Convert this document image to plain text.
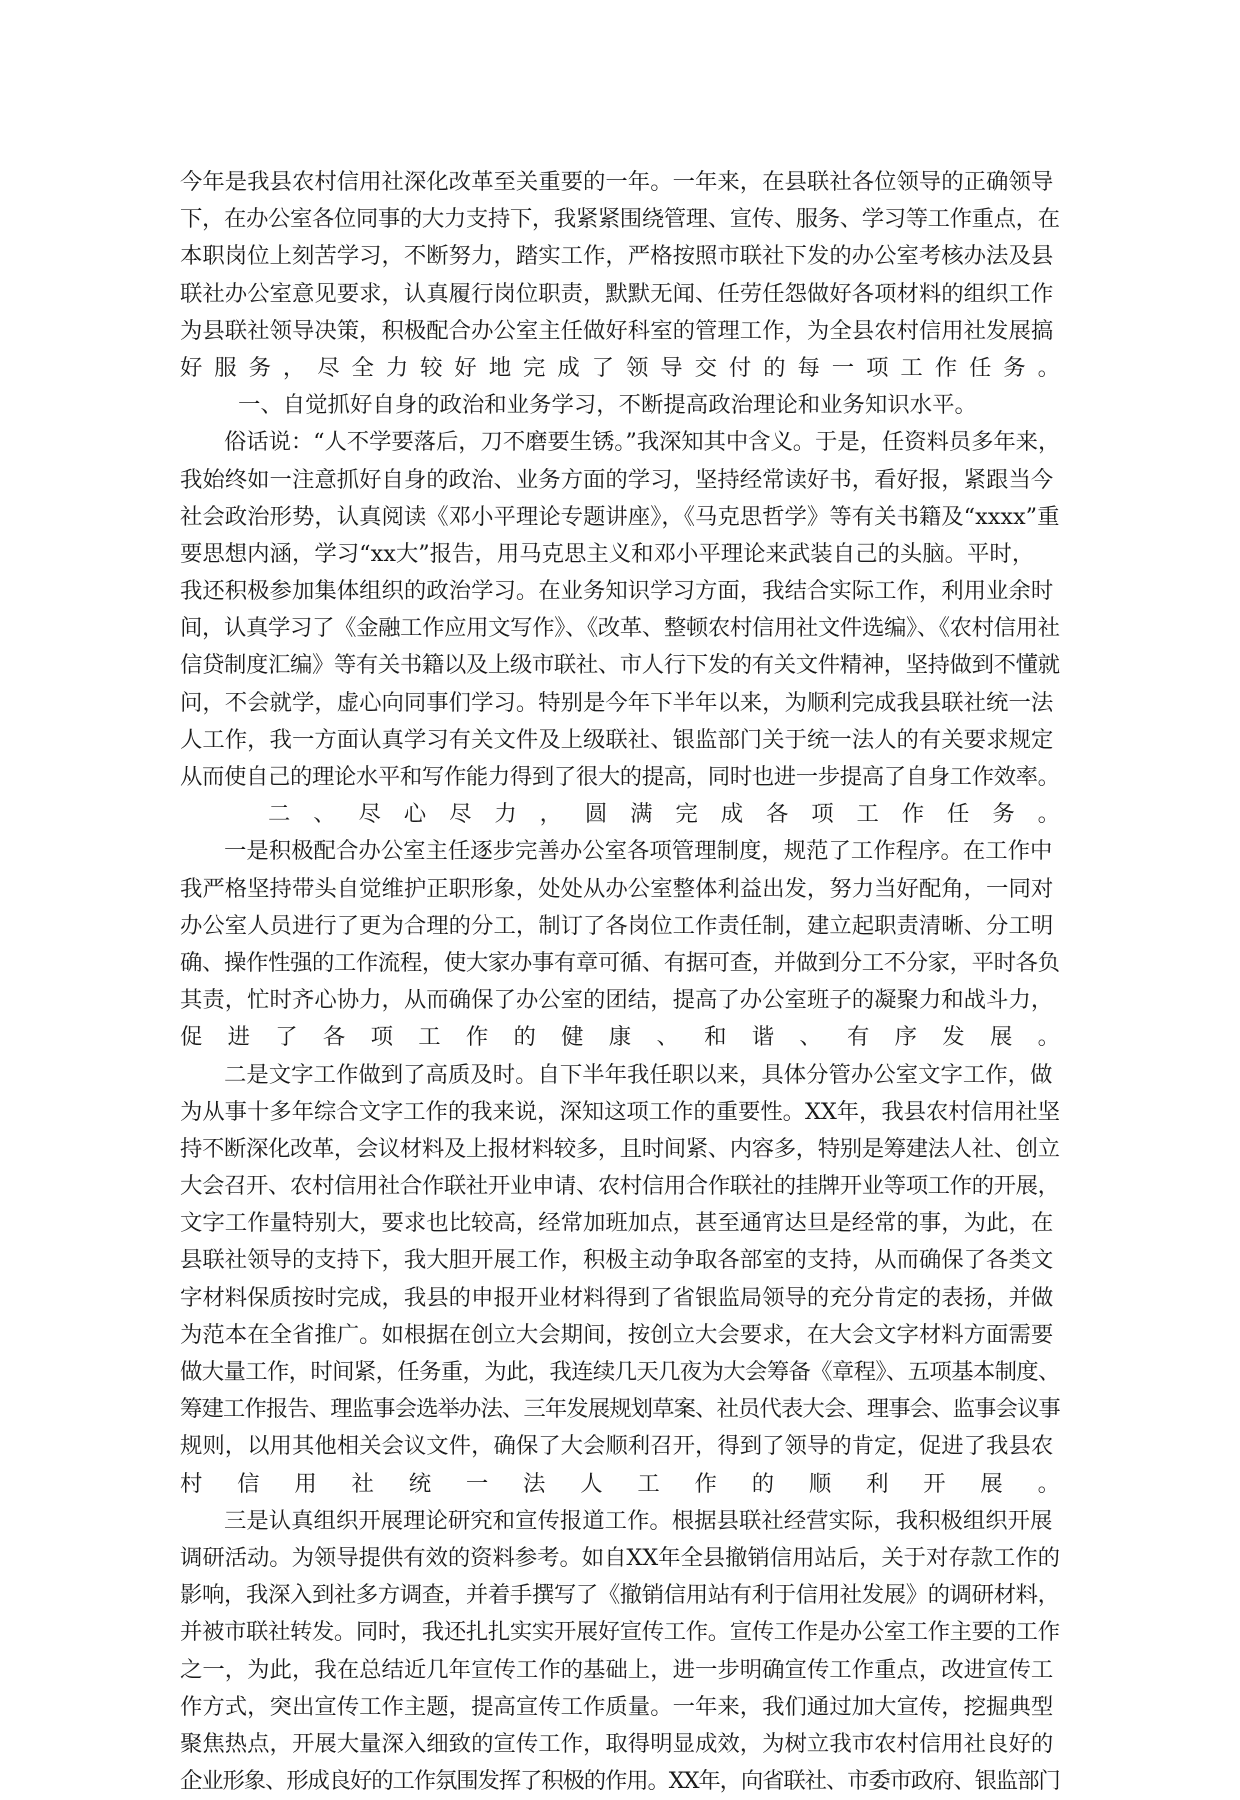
今年是我县农村信用社深化改革至关重要的一年。一年来，在县联社各位领导的正确领导
下，在办公室各位同事的大力支持下，我紧紧围绕管理、宣传、服务、学习等工作重点，在
本职岗位上刻苦学习，不断努力，踏实工作，严格按照市联社下发的办公室考核办法及县
联社办公室意见要求，认真履行岗位职责，默默无闻、任劳任怨做好各项材料的组织工作
为县联社领导决策，积极配合办公室主任做好科室的管理工作，为全县农村信用社发展搞
好 服 务 ， 尽 全 力 较 好 地 完 成 了 领 导 交 付 的 每 一 项 工 作 任 务 。
一、自觉抓好自身的政治和业务学习，不断提高政治理论和业务知识水平。
俗话说：“人不学要落后，刀不磨要生锈。”我深知其中含义。于是，任资料员多年来，
我始终如一注意抓好自身的政治、业务方面的学习，坚持经常读好书，看好报，紧跟当今
社会政治形势，认真阅读《邓小平理论专题讲座》，《马克思哲学》等有关书籍及“xxxx”重
要思想内涵，学习“xx大”报告，用马克思主义和邓小平理论来武装自己的头脑。平时，
我还积极参加集体组织的政治学习。在业务知识学习方面，我结合实际工作，利用业余时
间，认真学习了《金融工作应用文写作》、《改革、整顿农村信用社文件选编》、《农村信用社
信贷制度汇编》等有关书籍以及上级市联社、市人行下发的有关文件精神，坚持做到不懂就
问，不会就学，虚心向同事们学习。特别是今年下半年以来，为顺利完成我县联社统一法
人工作，我一方面认真学习有关文件及上级联社、银监部门关于统一法人的有关要求规定
从而使自己的理论水平和写作能力得到了很大的提高，同时也进一步提高了自身工作效率。
二 、 尽 心 尽 力 ， 圆 满 完 成 各 项 工 作 任 务 。
一是积极配合办公室主任逐步完善办公室各项管理制度，规范了工作程序。在工作中
我严格坚持带头自觉维护正职形象，处处从办公室整体利益出发，努力当好配角，一同对
办公室人员进行了更为合理的分工，制订了各岗位工作责任制，建立起职责清晰、分工明
确、操作性强的工作流程，使大家办事有章可循、有据可查，并做到分工不分家，平时各负
其责，忙时齐心协力，从而确保了办公室的团结，提高了办公室班子的凝聚力和战斗力，
促 进 了 各 项 工 作 的 健 康 、 和 谐 、 有 序 发 展 。
二是文字工作做到了高质及时。自下半年我任职以来，具体分管办公室文字工作，做
为从事十多年综合文字工作的我来说，深知这项工作的重要性。XX年，我县农村信用社坚
持不断深化改革，会议材料及上报材料较多，且时间紧、内容多，特别是筹建法人社、创立
大会召开、农村信用社合作联社开业申请、农村信用合作联社的挂牌开业等项工作的开展，
文字工作量特别大，要求也比较高，经常加班加点，甚至通宵达旦是经常的事，为此，在
县联社领导的支持下，我大胆开展工作，积极主动争取各部室的支持，从而确保了各类文
字材料保质按时完成，我县的申报开业材料得到了省银监局领导的充分肯定的表扬，并做
为范本在全省推广。如根据在创立大会期间，按创立大会要求，在大会文字材料方面需要
做大量工作，时间紧，任务重，为此，我连续几天几夜为大会筹备《章程》、五项基本制度、
筹建工作报告、理监事会选举办法、三年发展规划草案、社员代表大会、理事会、监事会议事
规则，以用其他相关会议文件，确保了大会顺利召开，得到了领导的肯定，促进了我县农
村 信 用 社 统 一 法 人 工 作 的 顺 利 开 展 。
三是认真组织开展理论研究和宣传报道工作。根据县联社经营实际，我积极组织开展
调研活动。为领导提供有效的资料参考。如自XX年全县撤销信用站后，关于对存款工作的
影响，我深入到社多方调查，并着手撰写了《撤销信用站有利于信用社发展》的调研材料，
并被市联社转发。同时，我还扎扎实实开展好宣传工作。宣传工作是办公室工作主要的工作
之一，为此，我在总结近几年宣传工作的基础上，进一步明确宣传工作重点，改进宣传工
作方式，突出宣传工作主题，提高宣传工作质量。一年来，我们通过加大宣传，挖掘典型
聚焦热点，开展大量深入细致的宣传工作，取得明显成效，为树立我市农村信用社良好的
企业形象、形成良好的工作氛围发挥了积极的作用。XX年，向省联社、市委市政府、银监部门
